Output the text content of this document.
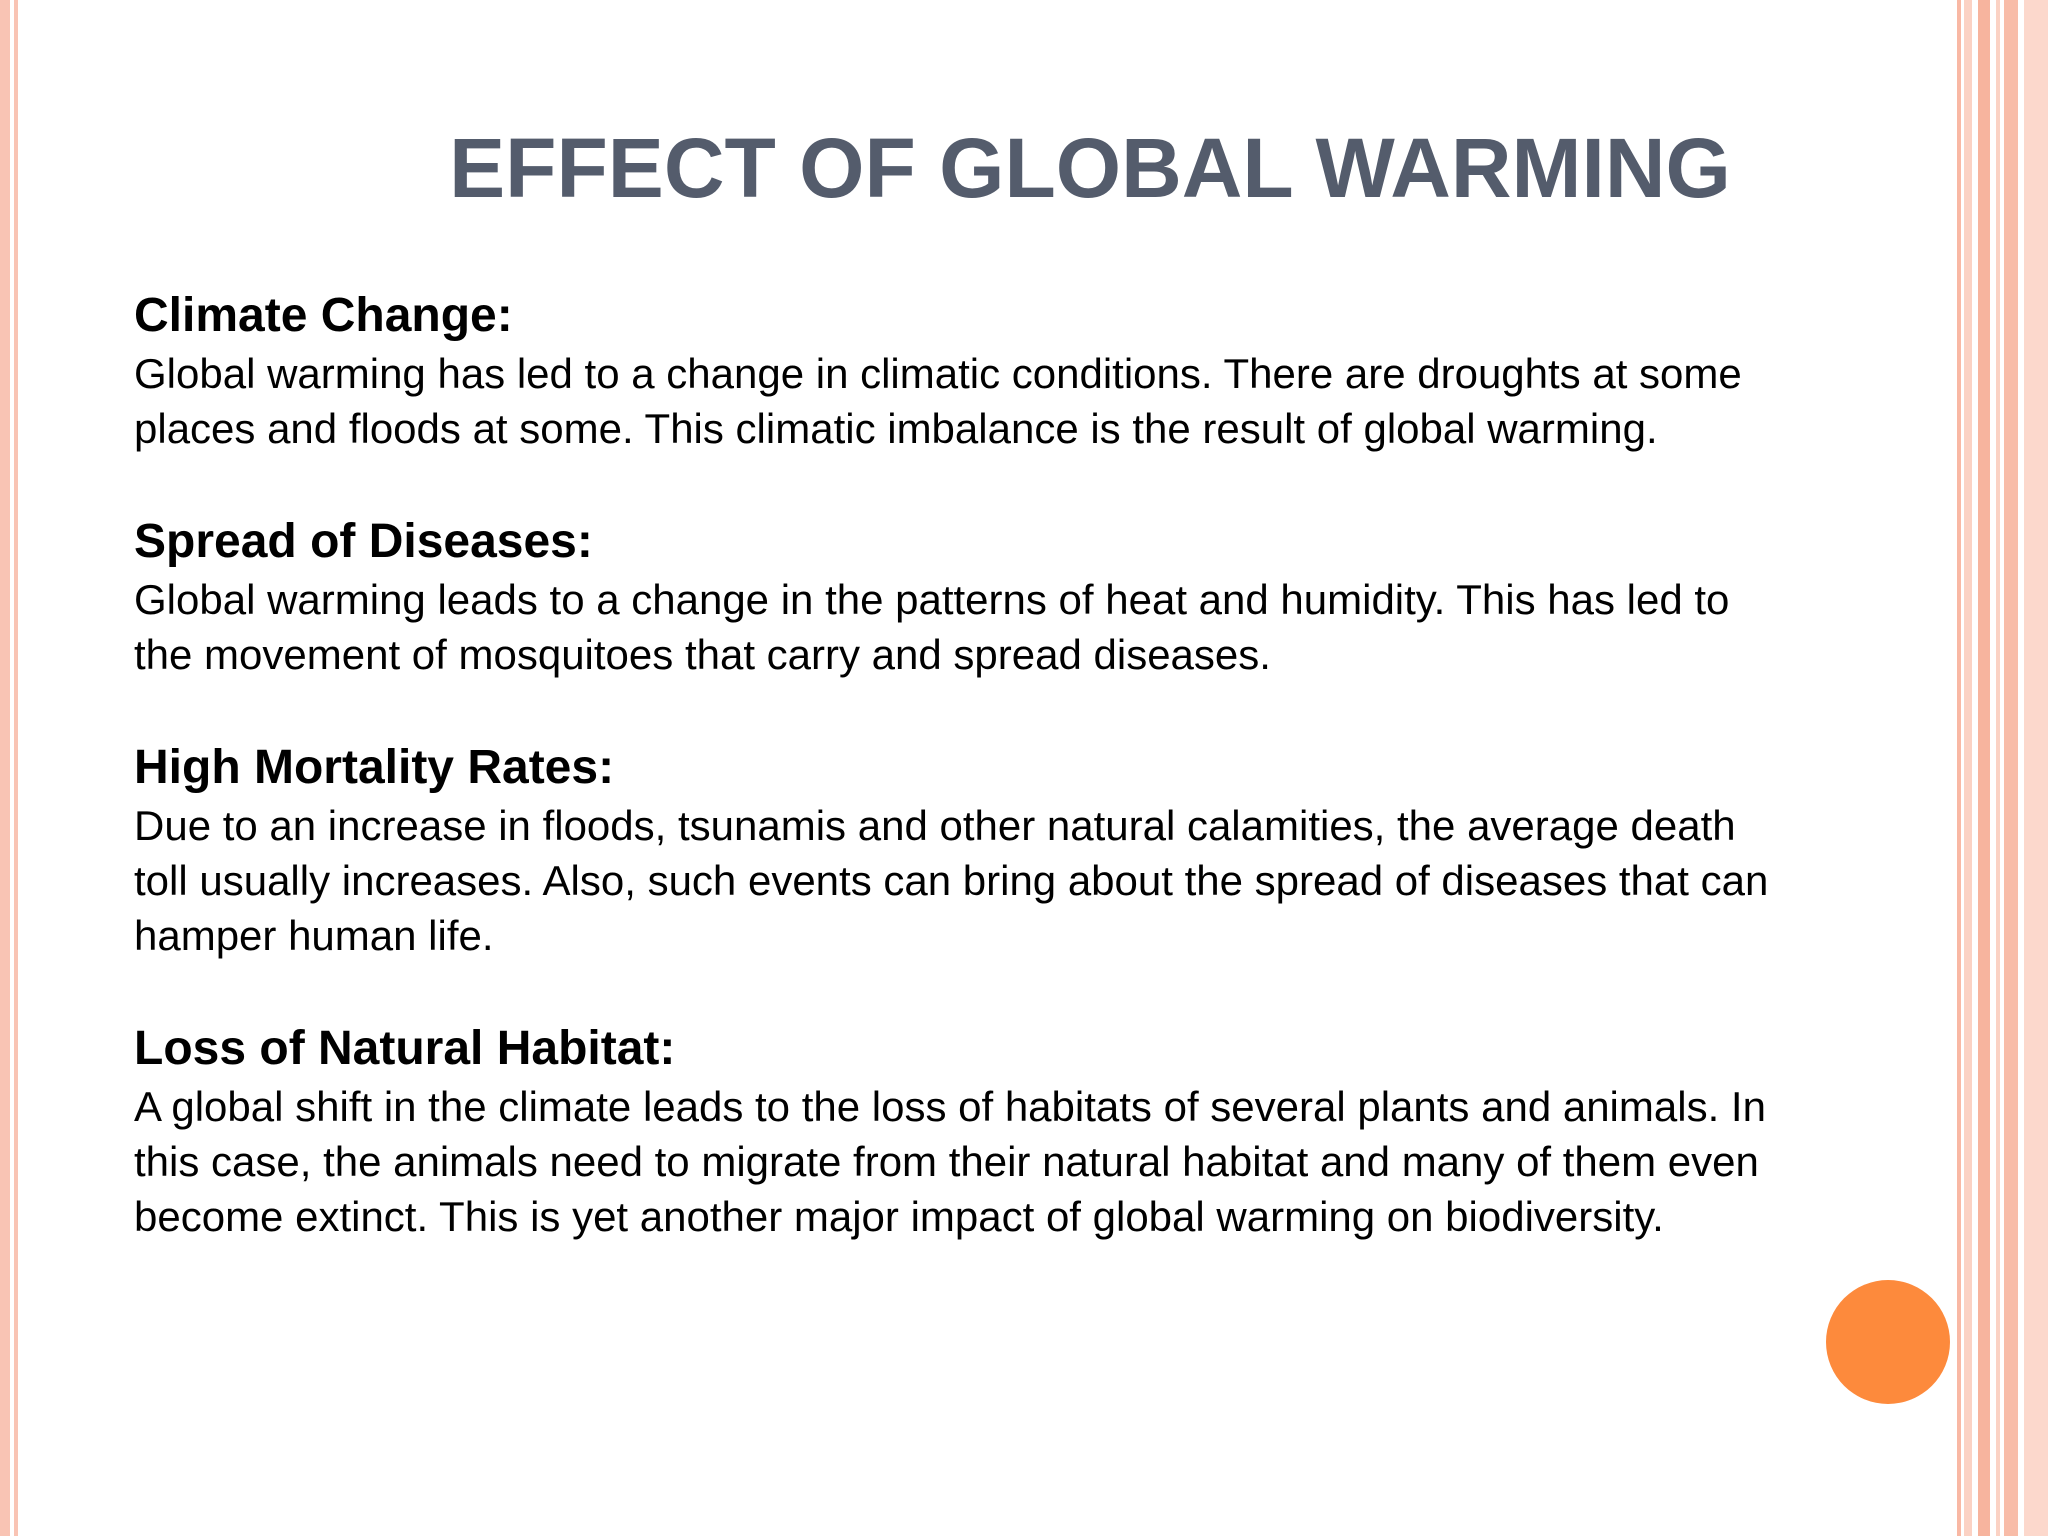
EFFECT OF GLOBAL WARMING

Climate Change:

Global warming has led to a change in climatic conditions. There are droughts at some

places and floods at some. This climatic imbalance is the result of global warming.

Spread of Diseases:

Global warming leads to a change in the patterns of heat and humidity. This has led to

the movement of mosquitoes that carry and spread diseases.

High Mortality Rates:

Due to an increase in floods, tsunamis and other natural calamities, the average death

toll usually increases. Also, such events can bring about the spread of diseases that can

hamper human life.

Loss of Natural Habitat:

A global shift in the climate leads to the loss of habitats of several plants and animals. In

this case, the animals need to migrate from their natural habitat and many of them even

become extinct. This is yet another major impact of global warming on biodiversity.
